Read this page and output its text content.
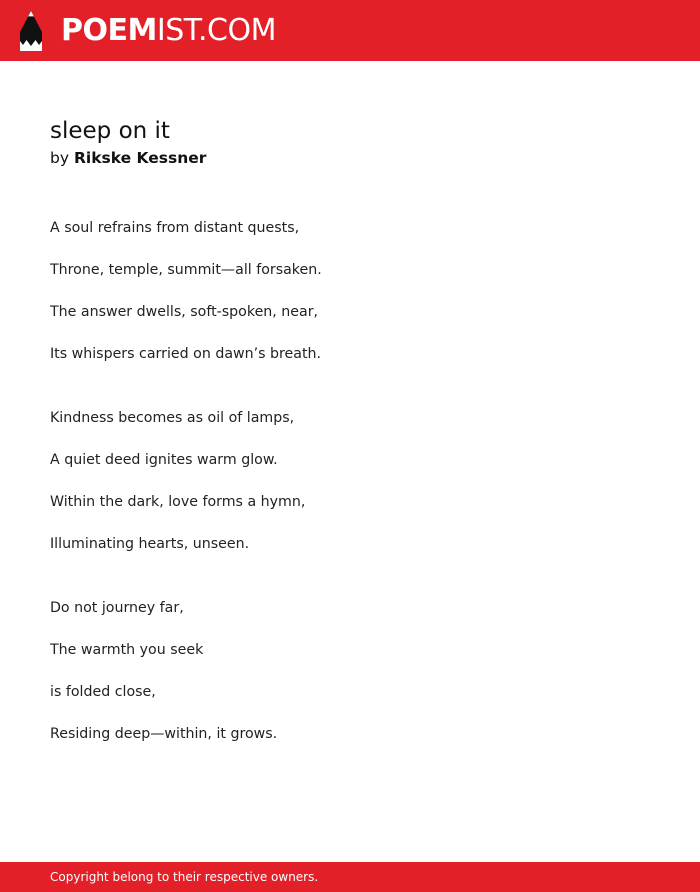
POEMIST.COM
sleep on it
by Rikske Kessner
A soul refrains from distant quests,
Throne, temple, summit—all forsaken.
The answer dwells, soft-spoken, near,
Its whispers carried on dawn’s breath.
Kindness becomes as oil of lamps,
A quiet deed ignites warm glow.
Within the dark, love forms a hymn,
Illuminating hearts, unseen.
Do not journey far,
The warmth you seek
is folded close,
Residing deep—within, it grows.
Copyright belong to their respective owners.
